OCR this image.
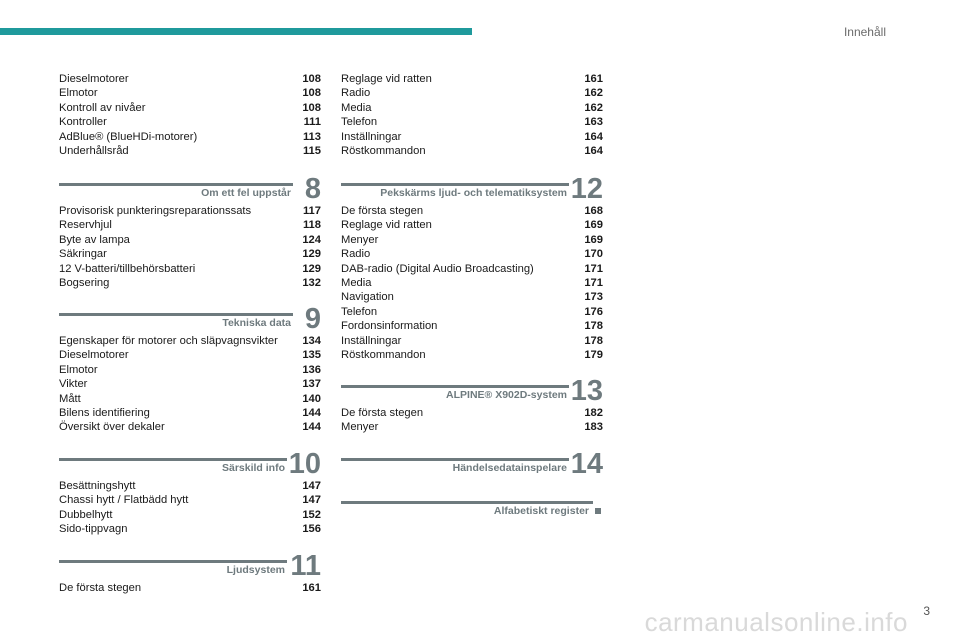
Innehåll
Dieselmotorer	108
Elmotor	108
Kontroll av nivåer	108
Kontroller	111
AdBlue® (BlueHDi-motorer)	113
Underhållsråd	115
Om ett fel uppstår 8
Provisorisk punkteringsreparationssats	117
Reservhjul	118
Byte av lampa	124
Säkringar	129
12 V-batteri/tillbehörsbatteri	129
Bogsering	132
Tekniska data 9
Egenskaper för motorer och släpvagnsvikter 134
Dieselmotorer	135
Elmotor	136
Vikter	137
Mått	140
Bilens identifiering	144
Översikt över dekaler	144
Särskild info 10
Besättningshytt	147
Chassi hytt / Flatbädd hytt	147
Dubbelhytt	152
Sido-tippvagn	156
Ljudsystem 11
De första stegen	161
Reglage vid ratten	161
Radio	162
Media	162
Telefon	163
Inställningar	164
Röstkommandon	164
Pekskärms ljud- och telematiksystem 12
De första stegen	168
Reglage vid ratten	169
Menyer	169
Radio	170
DAB-radio (Digital Audio Broadcasting)	171
Media	171
Navigation	173
Telefon	176
Fordonsinformation	178
Inställningar	178
Röstkommandon	179
ALPINE® X902D-system 13
De första stegen	182
Menyer	183
Händelsedatainspelare 14
Alfabetiskt register
carmanualsonline.info 3
